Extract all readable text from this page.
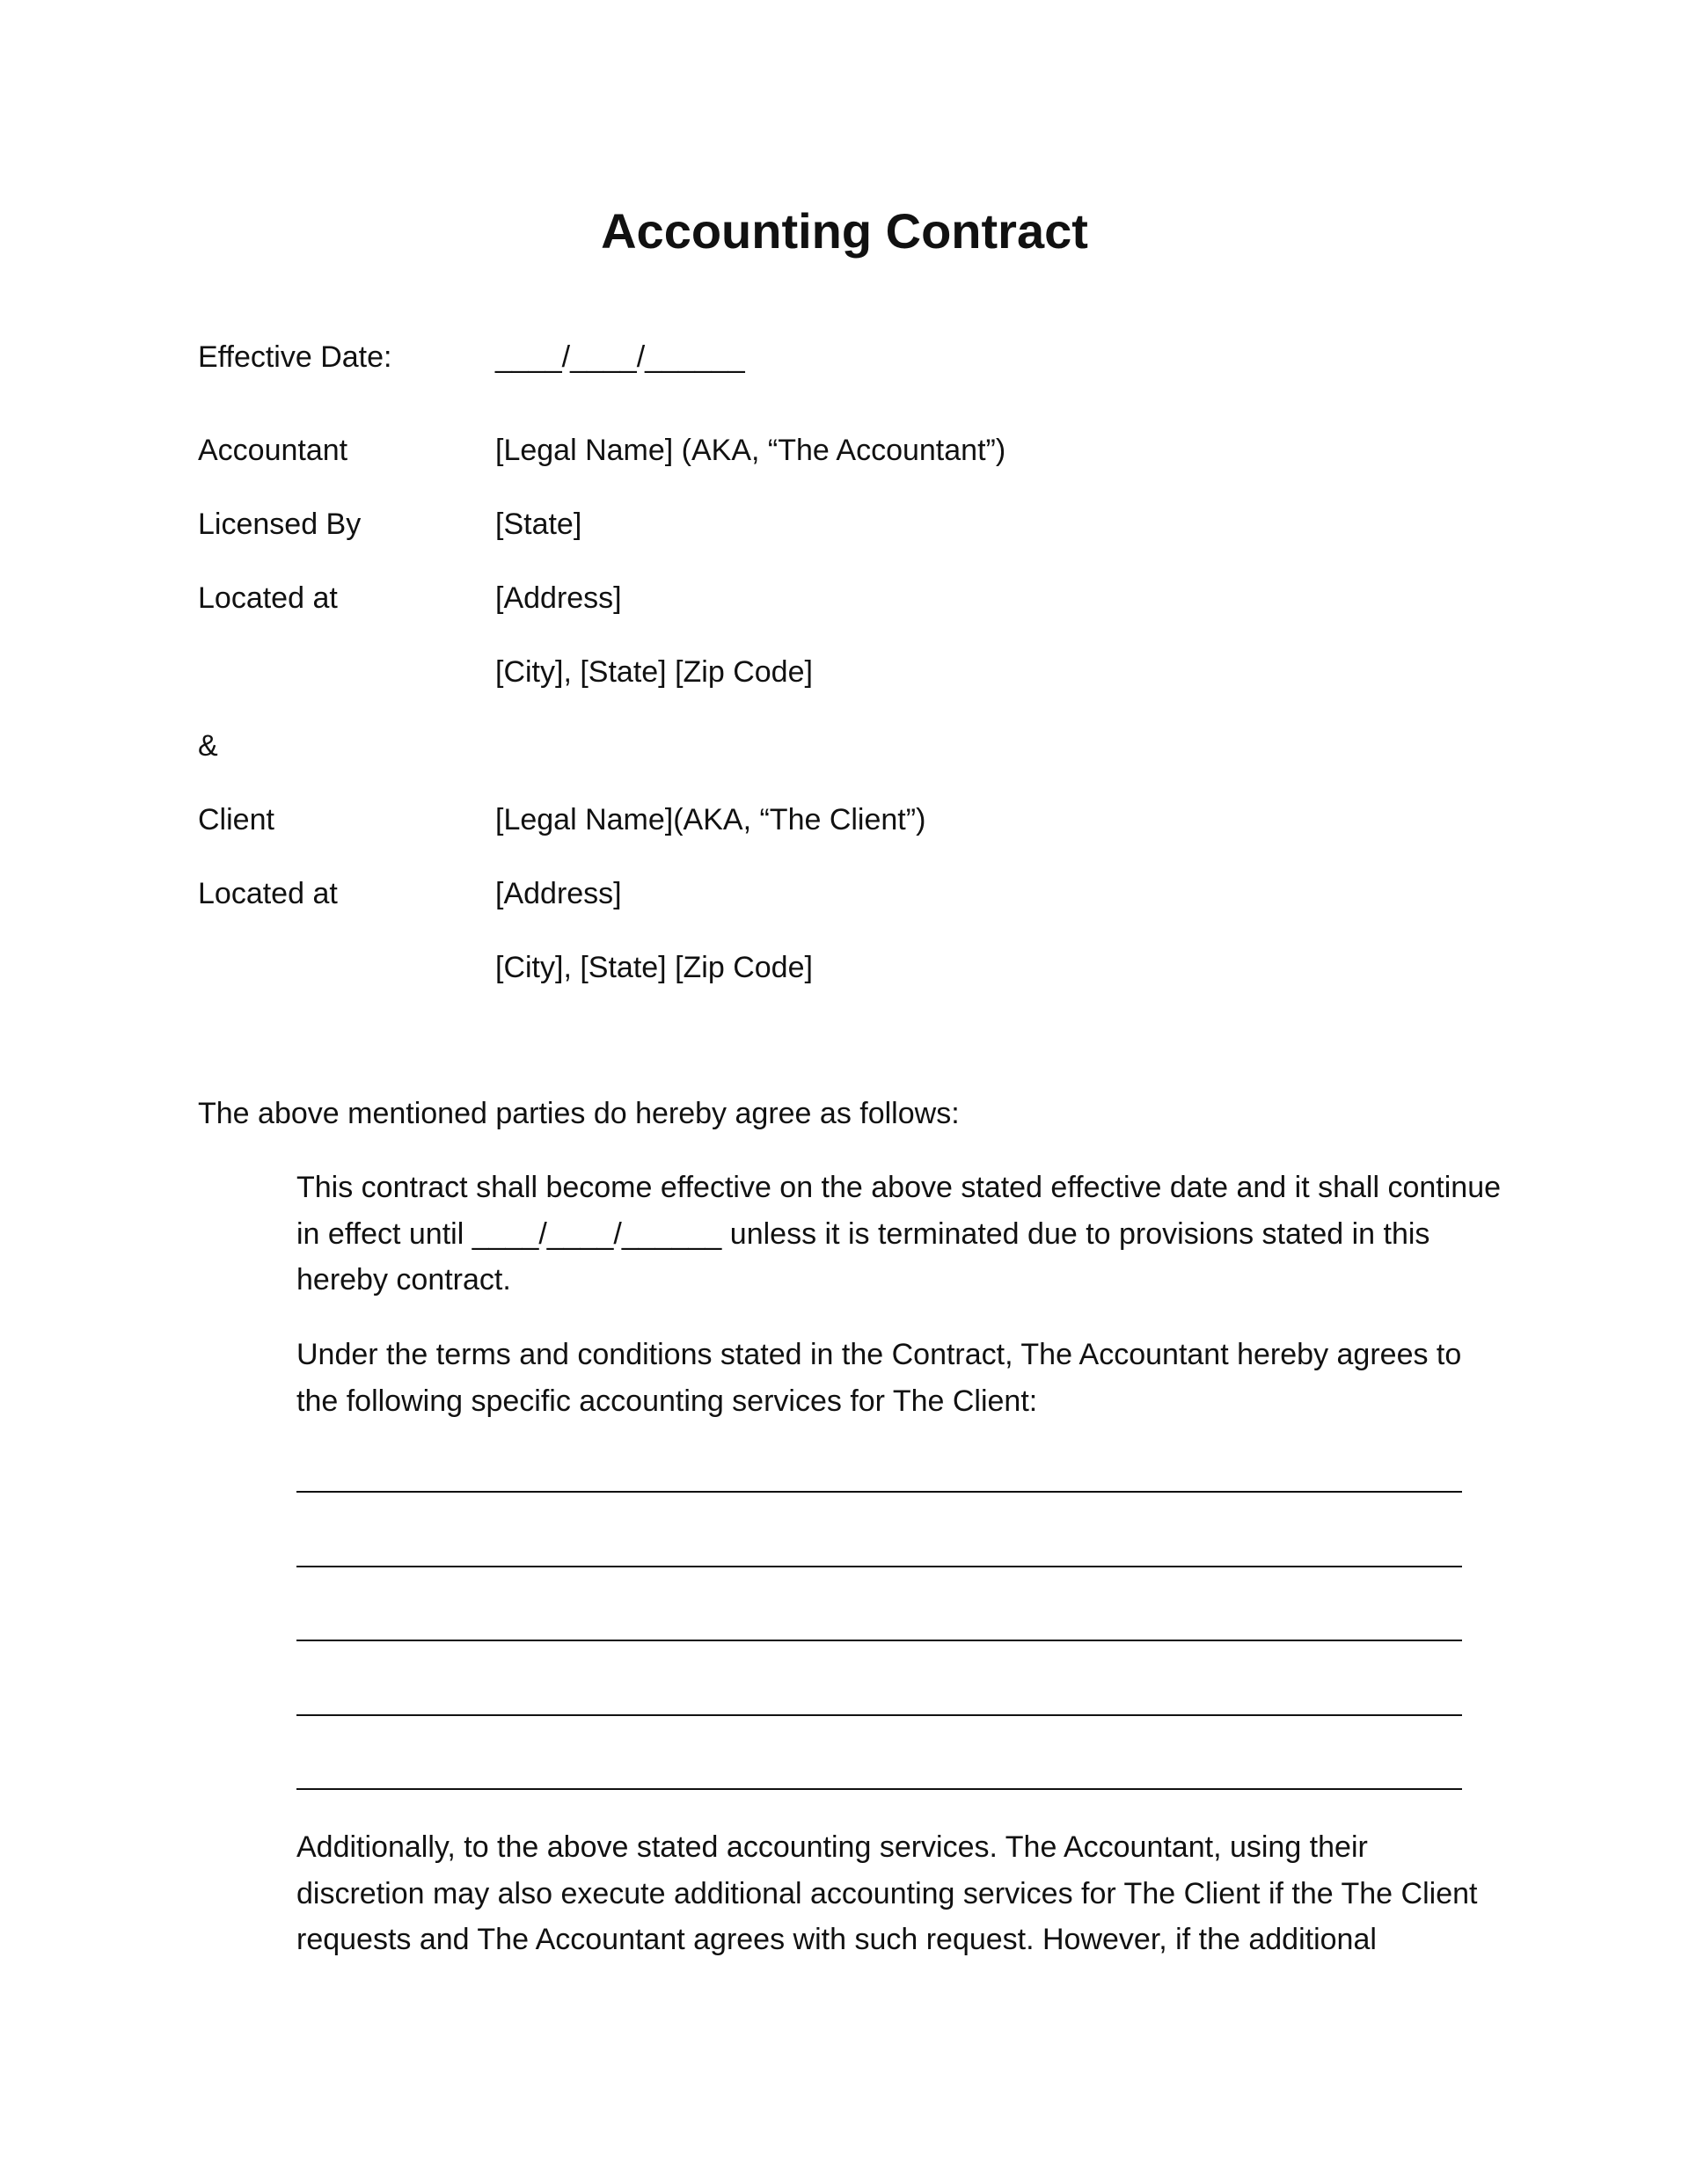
Accounting Contract
Effective Date:	____/____/______
Accountant	[Legal Name] (AKA, “The Accountant”)
Licensed By	[State]
Located at	[Address]
[City], [State] [Zip Code]
&
Client	[Legal Name](AKA, “The Client”)
Located at	[Address]
[City], [State] [Zip Code]

The above mentioned parties do hereby agree as follows:

This contract shall become effective on the above stated effective date and it shall continue in effect until ____/____/______ unless it is terminated due to provisions stated in this hereby contract.

Under the terms and conditions stated in the Contract, The Accountant hereby agrees to the following specific accounting services for The Client:

Additionally, to the above stated accounting services. The Accountant, using their discretion may also execute additional accounting services for The Client if the The Client requests and The Accountant agrees with such request. However, if the additional
